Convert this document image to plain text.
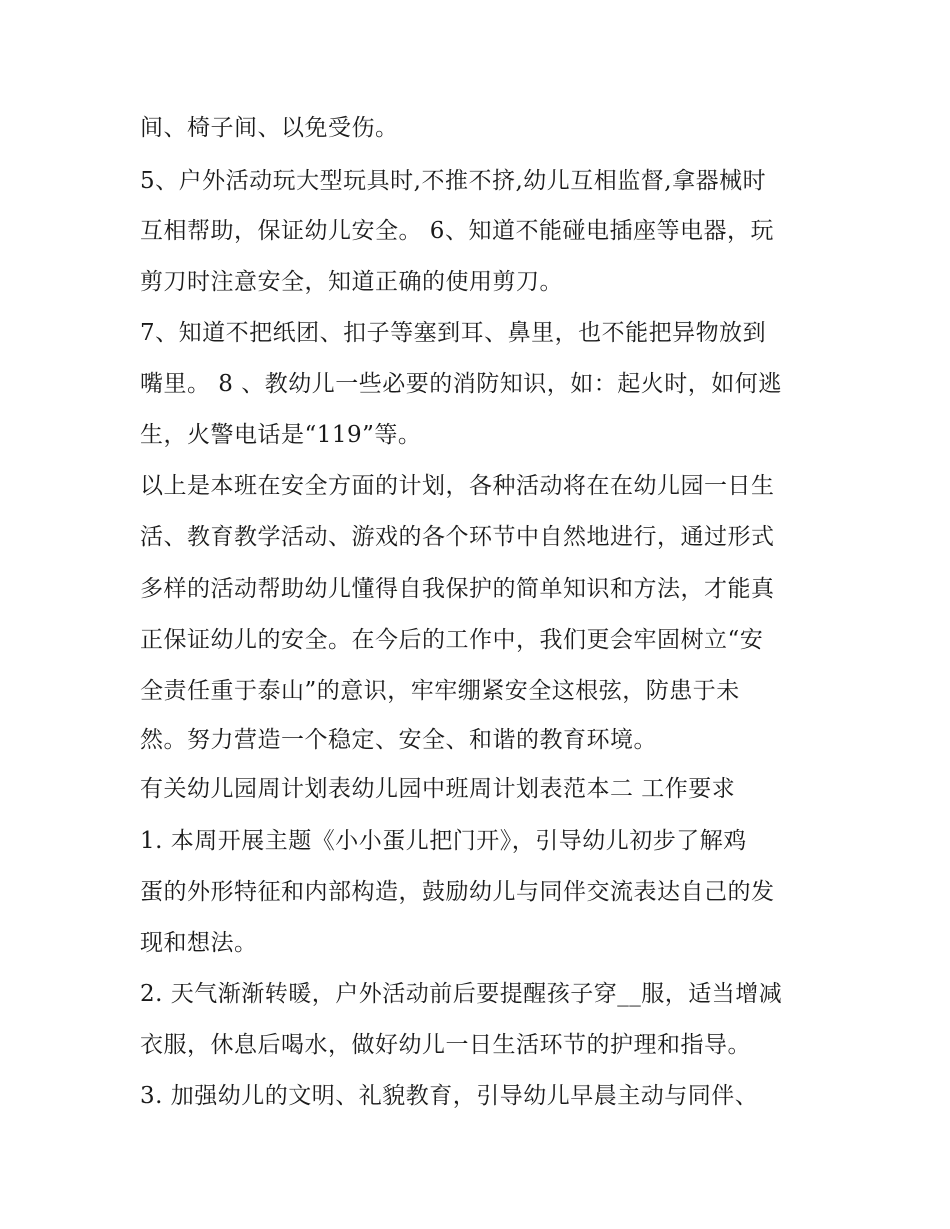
间、椅子间、以免受伤。
5、户外活动玩大型玩具时,不推不挤,幼儿互相监督,拿器械时
互相帮助，保证幼儿安全。 6、知道不能碰电插座等电器，玩
剪刀时注意安全，知道正确的使用剪刀。
7、知道不把纸团、扣子等塞到耳、鼻里，也不能把异物放到
嘴里。 8 、教幼儿一些必要的消防知识，如：起火时，如何逃
生，火警电话是“119”等。
以上是本班在安全方面的计划，各种活动将在在幼儿园一日生
活、教育教学活动、游戏的各个环节中自然地进行，通过形式
多样的活动帮助幼儿懂得自我保护的简单知识和方法，才能真
正保证幼儿的安全。在今后的工作中，我们更会牢固树立“安
全责任重于泰山”的意识，牢牢绷紧安全这根弦，防患于未
然。努力营造一个稳定、安全、和谐的教育环境。
有关幼儿园周计划表幼儿园中班周计划表范本二 工作要求
1. 本周开展主题《小小蛋儿把门开》，引导幼儿初步了解鸡
蛋的外形特征和内部构造，鼓励幼儿与同伴交流表达自己的发
现和想法。
2. 天气渐渐转暖，户外活动前后要提醒孩子穿__服，适当增减
衣服，休息后喝水，做好幼儿一日生活环节的护理和指导。
3. 加强幼儿的文明、礼貌教育，引导幼儿早晨主动与同伴、
